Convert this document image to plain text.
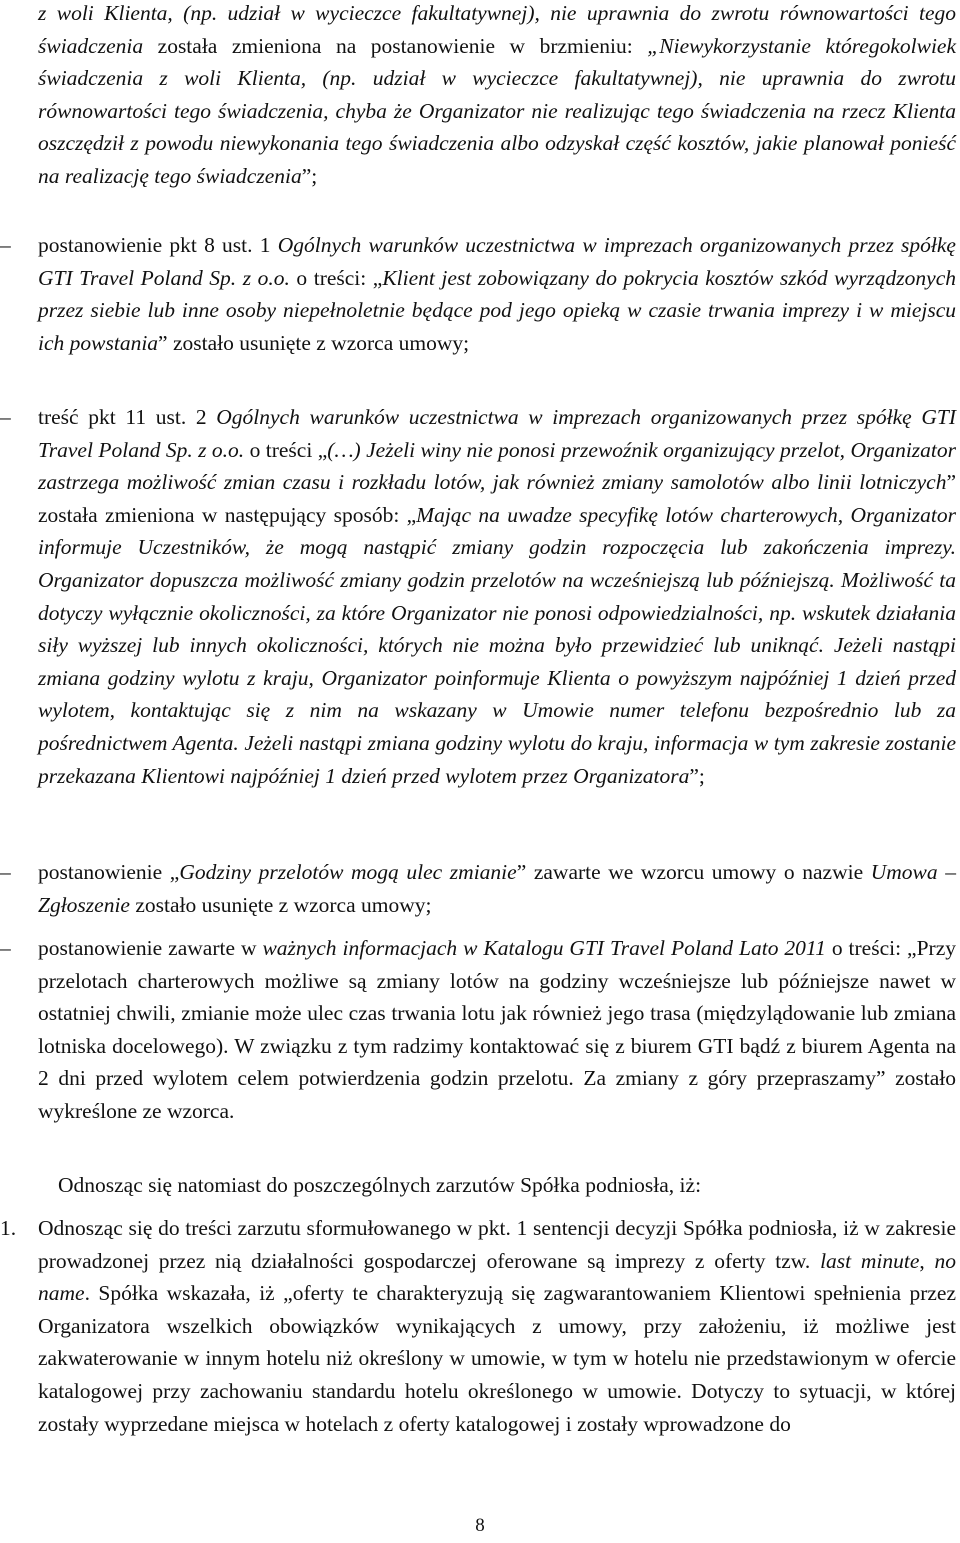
z woli Klienta, (np. udział w wycieczce fakultatywnej), nie uprawnia do zwrotu równowartości tego świadczenia została zmieniona na postanowienie w brzmieniu: „Niewykorzystanie któregokolwiek świadczenia z woli Klienta, (np. udział w wycieczce fakultatywnej), nie uprawnia do zwrotu równowartości tego świadczenia, chyba że Organizator nie realizując tego świadczenia na rzecz Klienta oszczędził z powodu niewykonania tego świadczenia albo odzyskał część kosztów, jakie planował ponieść na realizację tego świadczenia”;

–	postanowienie pkt 8 ust. 1 Ogólnych warunków uczestnictwa w imprezach organizowanych przez spółkę GTI Travel Poland Sp. z o.o. o treści: „Klient jest zobowiązany do pokrycia kosztów szkód wyrządzonych przez siebie lub inne osoby niepełnoletnie będące pod jego opieką w czasie trwania imprezy i w miejscu ich powstania” zostało usunięte z wzorca umowy;

–	treść pkt 11 ust. 2 Ogólnych warunków uczestnictwa w imprezach organizowanych przez spółkę GTI Travel Poland Sp. z o.o. o treści „(…) Jeżeli winy nie ponosi przewoźnik organizujący przelot, Organizator zastrzega możliwość zmian czasu i rozkładu lotów, jak również zmiany samolotów albo linii lotniczych” została zmieniona w następujący sposób: „Mając na uwadze specyfikę lotów charterowych, Organizator informuje Uczestników, że mogą nastąpić zmiany godzin rozpoczęcia lub zakończenia imprezy. Organizator dopuszcza możliwość zmiany godzin przelotów na wcześniejszą lub późniejszą. Możliwość ta dotyczy wyłącznie okoliczności, za które Organizator nie ponosi odpowiedzialności, np. wskutek działania siły wyższej lub innych okoliczności, których nie można było przewidzieć lub uniknąć. Jeżeli nastąpi zmiana godziny wylotu z kraju, Organizator poinformuje Klienta o powyższym najpóźniej 1 dzień przed wylotem, kontaktując się z nim na wskazany w Umowie numer telefonu bezpośrednio lub za pośrednictwem Agenta. Jeżeli nastąpi zmiana godziny wylotu do kraju, informacja w tym zakresie zostanie przekazana Klientowi najpóźniej 1 dzień przed wylotem przez Organizatora”;

–	postanowienie „Godziny przelotów mogą ulec zmianie” zawarte we wzorcu umowy o nazwie Umowa – Zgłoszenie zostało usunięte z wzorca umowy;

–	postanowienie zawarte w ważnych informacjach w Katalogu GTI Travel Poland Lato 2011 o treści: „Przy przelotach charterowych możliwe są zmiany lotów na godziny wcześniejsze lub późniejsze nawet w ostatniej chwili, zmianie może ulec czas trwania lotu jak również jego trasa (międzylądowanie lub zmiana lotniska docelowego). W związku z tym radzimy kontaktować się z biurem GTI bądź z biurem Agenta na 2 dni przed wylotem celem potwierdzenia godzin przelotu. Za zmiany z góry przepraszamy” zostało wykreślone ze wzorca.

Odnosząc się natomiast do poszczególnych zarzutów Spółka podniosła, iż:

1. Odnosząc się do treści zarzutu sformułowanego w pkt. 1 sentencji decyzji Spółka podniosła, iż w zakresie prowadzonej przez nią działalności gospodarczej oferowane są imprezy z oferty tzw. last minute, no name. Spółka wskazała, iż „oferty te charakteryzują się zagwarantowaniem Klientowi spełnienia przez Organizatora wszelkich obowiązków wynikających z umowy, przy założeniu, iż możliwe jest zakwaterowanie w innym hotelu niż określony w umowie, w tym w hotelu nie przedstawionym w ofercie katalogowej przy zachowaniu standardu hotelu określonego w umowie. Dotyczy to sytuacji, w której zostały wyprzedane miejsca w hotelach z oferty katalogowej i zostały wprowadzone do

8
